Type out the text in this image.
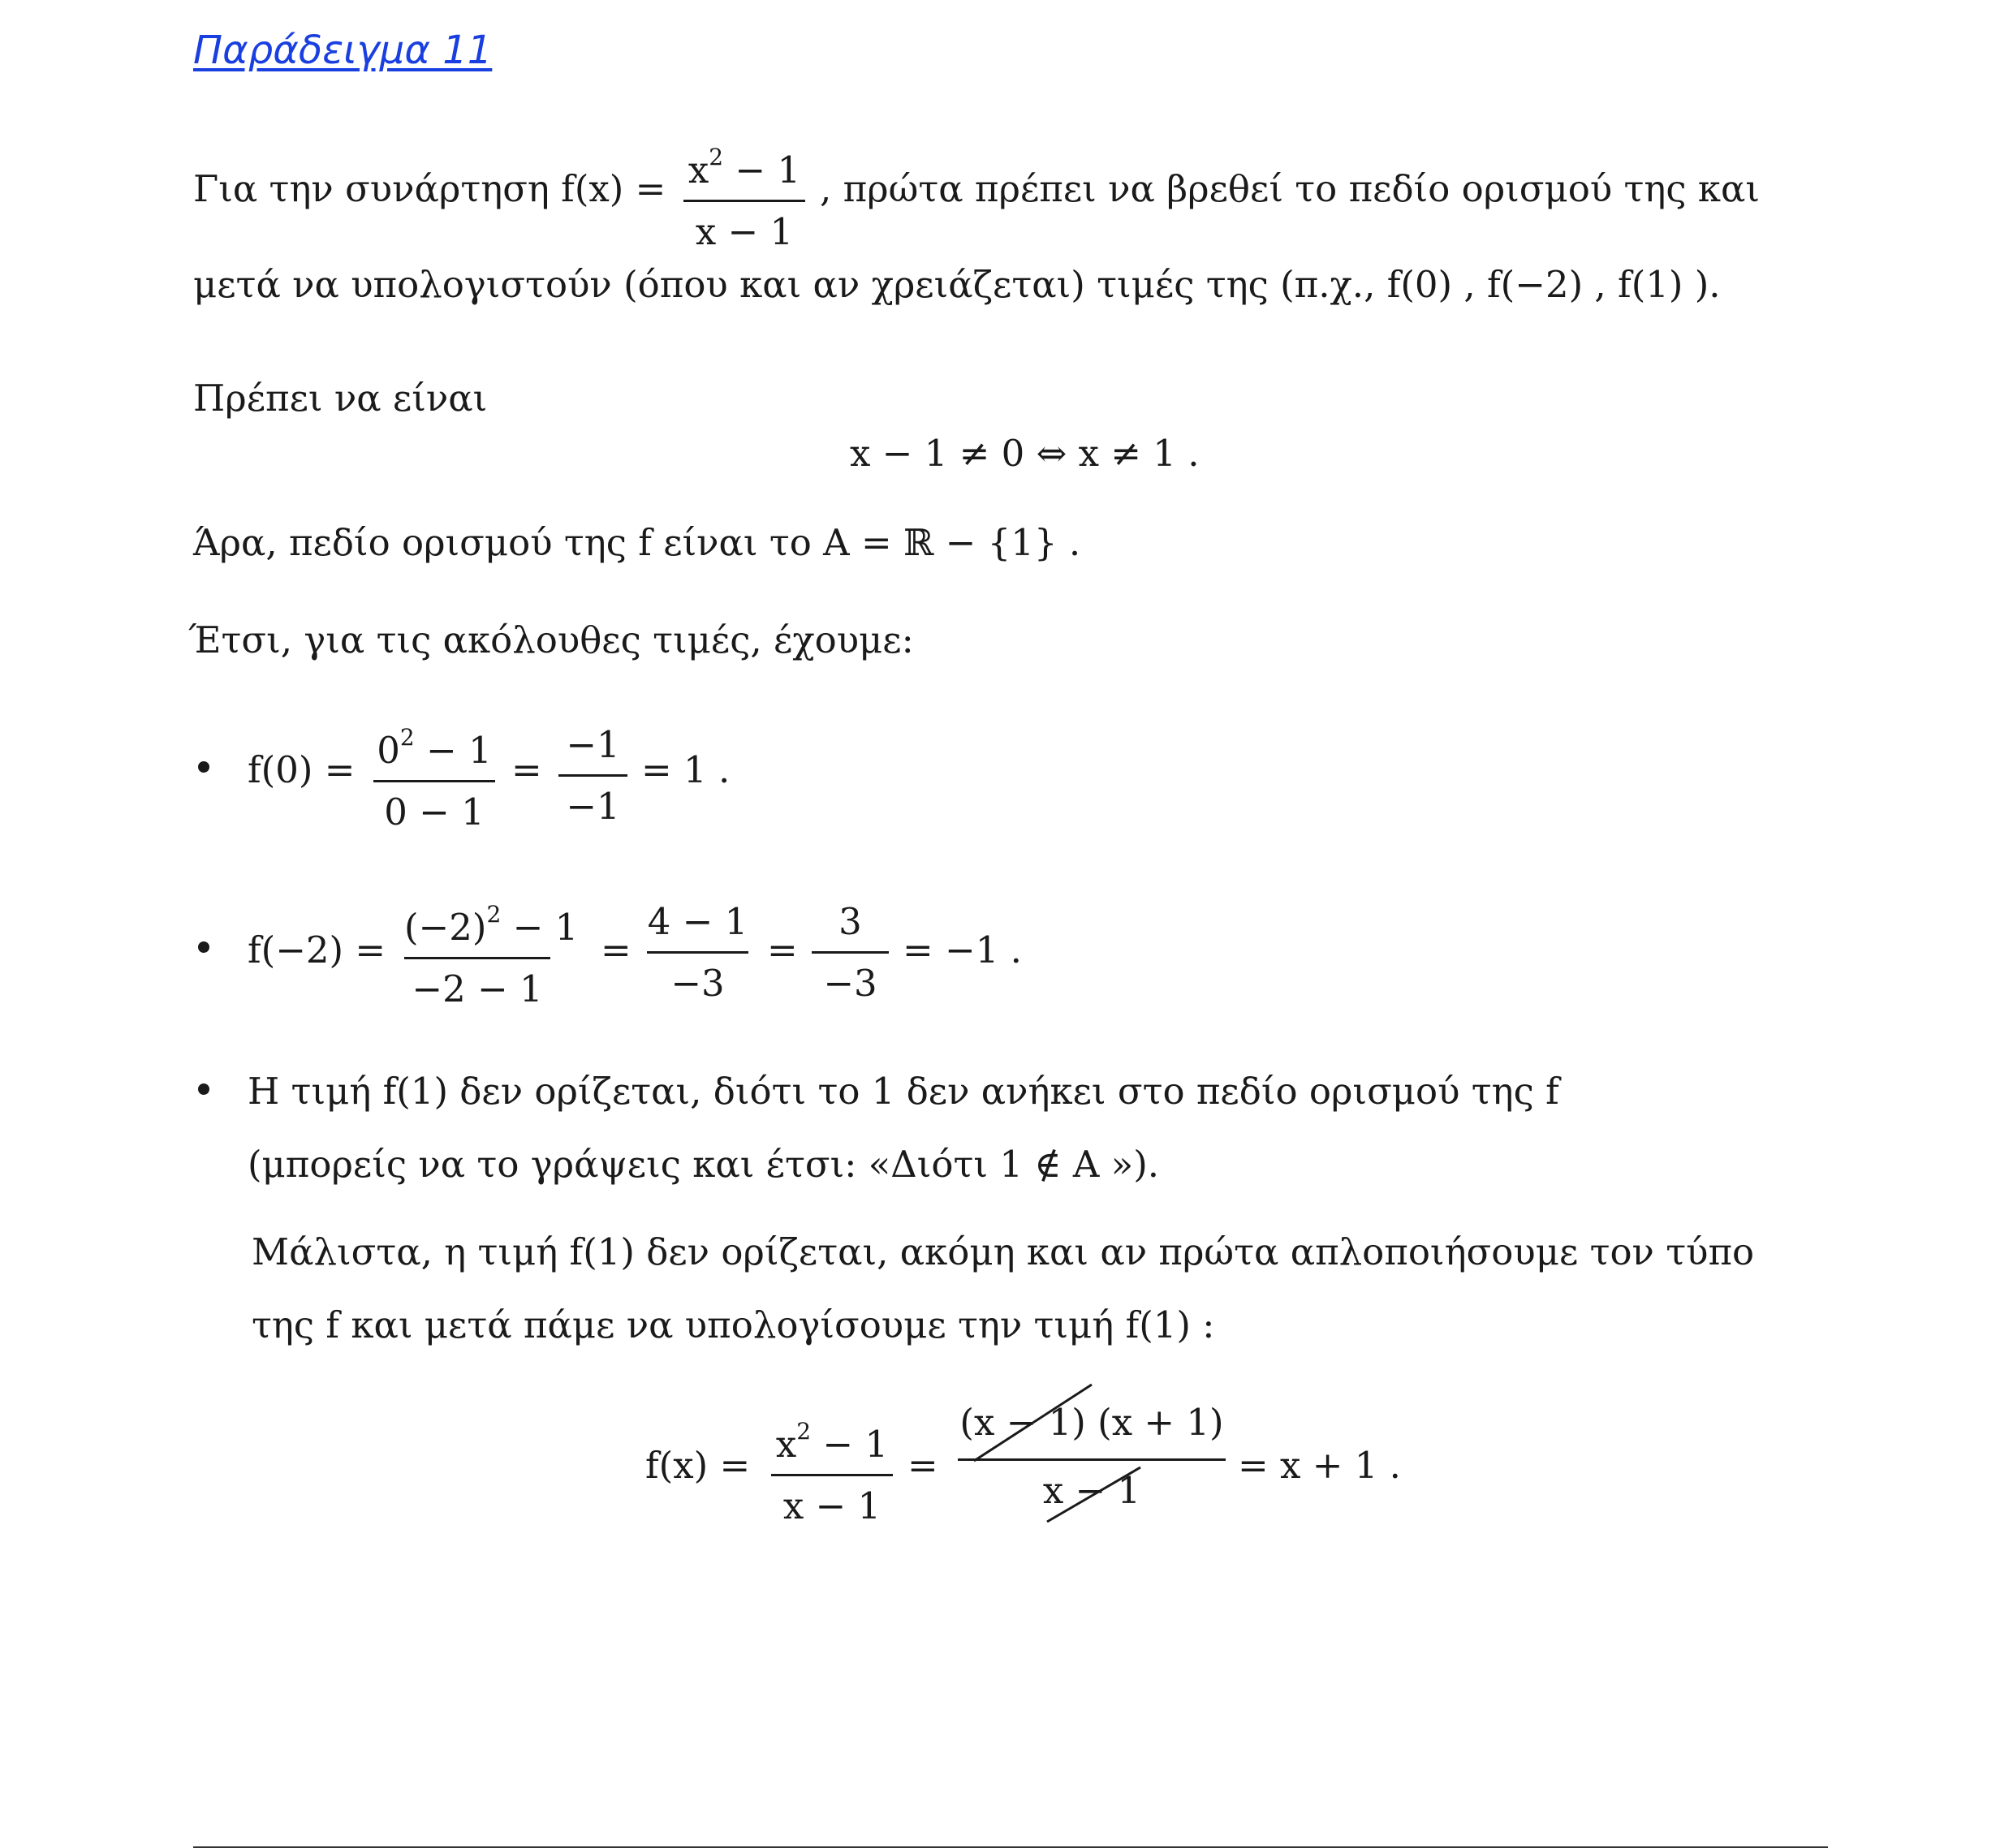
Παράδειγμα 11
Για την συνάρτηση $f(x) = x^2 - 1$
x − 1
, πρώτα πρέπει να βρεθεί το πεδίο ορισμού της και
μετά να υπολογιστούν (όπου και αν χρειάζεται) τιμές της (π.χ., f(0) , f(−2) , f(1) ).
Πρέπει να είναι
x − 1 ≠ 0 ⇔ x ≠ 1 .
Άρα, πεδίο ορισμού της f είναι το A = ℝ − {1} .
Έτσι, για τις ακόλουθες τιμές, έχουμε:
$f(0) = 0^2 - 1$
0 − 1
=
−1
−1
= 1 .
f(−2) =
$(-2)^2 - 1$
−2 − 1
=
4 − 1
−3
=
3
−3
= −1 .
Η τιμή f(1) δεν ορίζεται, διότι το 1 δεν ανήκει στο πεδίο ορισμού της f
(μπορείς να το γράψεις και έτσι: «Διότι 1 ∉ A »).
Μάλιστα, η τιμή f(1) δεν ορίζεται, ακόμη και αν πρώτα απλοποιήσουμε τον τύπο
της f και μετά πάμε να υπολογίσουμε την τιμή f(1) :
$f(x) = x^2 - 1$
x − 1
=
(x − 1) (x + 1)
x − 1
= x + 1 .
